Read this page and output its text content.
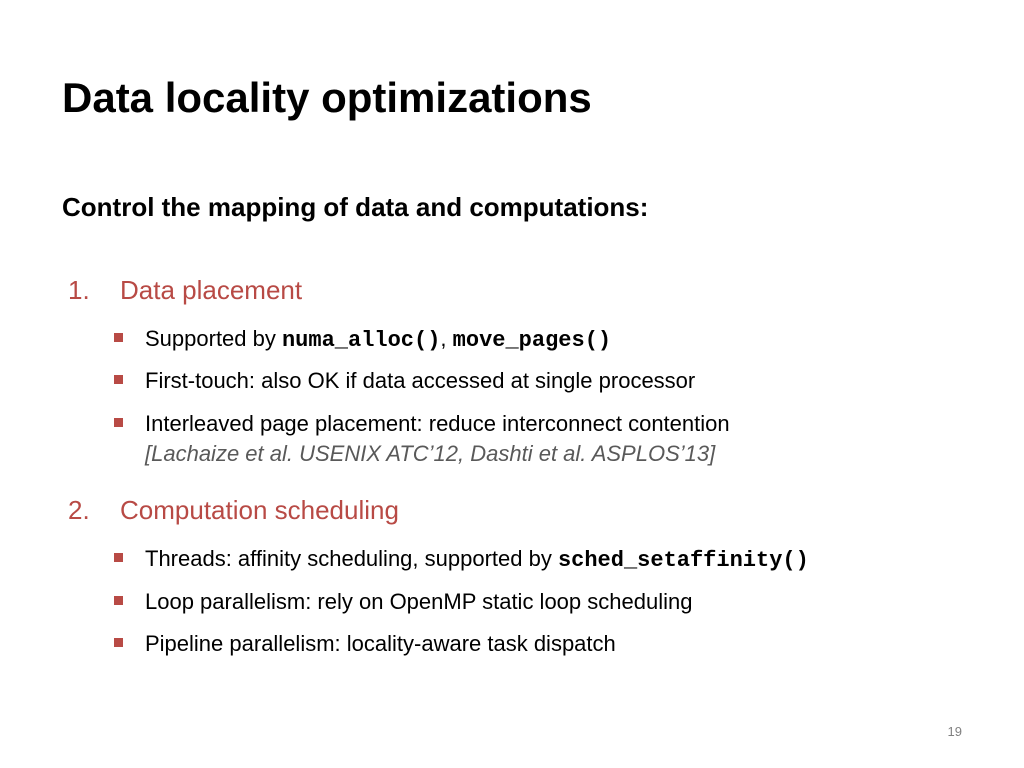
Data locality optimizations
Control the mapping of data and computations:
1. Data placement
Supported by numa_alloc(), move_pages()
First-touch: also OK if data accessed at single processor
Interleaved page placement: reduce interconnect contention
[Lachaize et al. USENIX ATC’12, Dashti et al. ASPLOS’13]
2. Computation scheduling
Threads: affinity scheduling, supported by sched_setaffinity()
Loop parallelism: rely on OpenMP static loop scheduling
Pipeline parallelism: locality-aware task dispatch
19
